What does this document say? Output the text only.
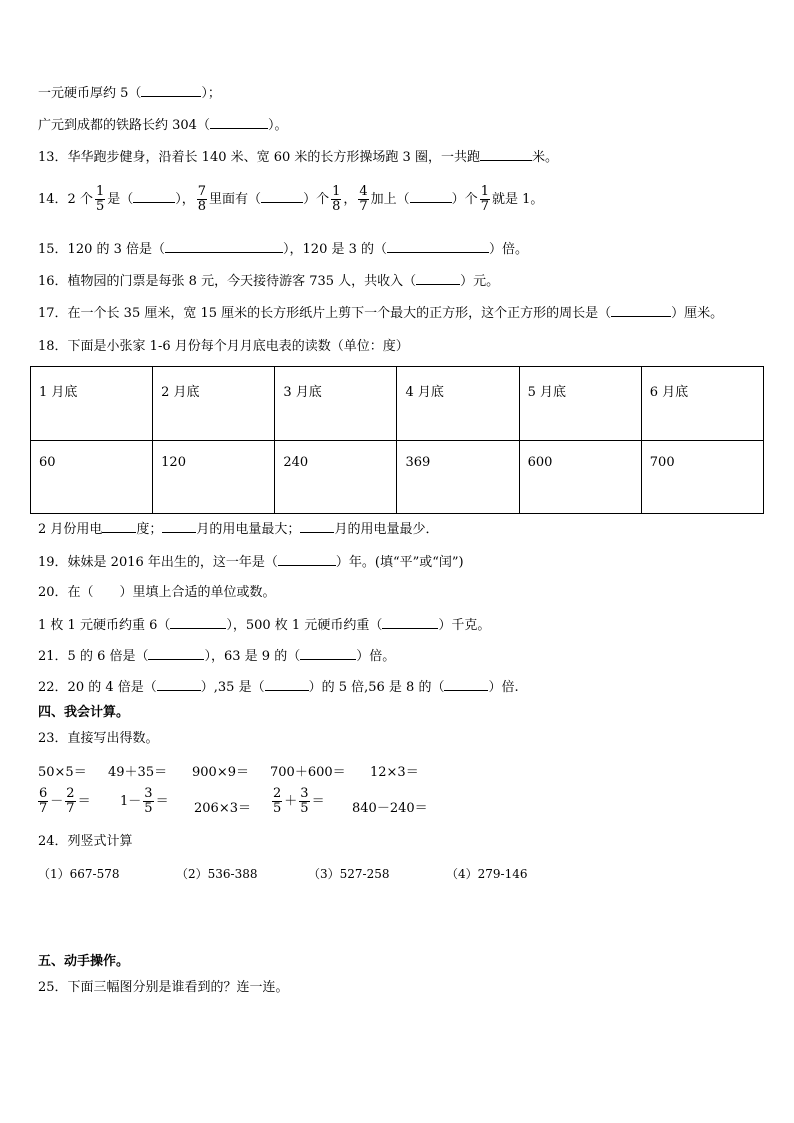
一元硬币厚约 5（	）；
广元到成都的铁路长约 304（	）。
13．华华跑步健身，沿着长 140 米、宽 60 米的长方形操场跑 3 圈，一共跑	米。
14．2 个 $\frac{1}{5}$ 是（	）， $\frac{7}{8}$ 里面有（	）个 $\frac{1}{8}$ ， $\frac{4}{7}$ 加上（	）个 $\frac{1}{7}$ 就是 1。
15．120 的 3 倍是（	），120 是 3 的（	）倍。
16．植物园的门票是每张 8 元，今天接待游客 735 人，共收入（	）元。
17．在一个长 35 厘米，宽 15 厘米的长方形纸片上剪下一个最大的正方形，这个正方形的周长是（	）厘米。
18．下面是小张家 1-6 月份每个月月底电表的读数（单位：度）
1 月底	2 月底	3 月底	4 月底	5 月底	6 月底
60	120	240	369	600	700
2 月份用电	度；	月的用电量最大；	月的用电量最少．
19．妹妹是 2016 年出生的，这一年是（	）年。(填“平”或“闰”)
20．在（　　）里填上合适的单位或数。
1 枚 1 元硬币约重 6（	），500 枚 1 元硬币约重（	）千克。
21．5 的 6 倍是（	），63 是 9 的（	）倍。
22．20 的 4 倍是（	）,35 是（	）的 5 倍,56 是 8 的（	）倍.
四、我会计算。
23．直接写出得数。
50×5＝ 49＋35＝ 900×9＝ 700＋600＝ 12×3＝
$\frac{6}{7} - \frac{2}{7} = 1- \frac{3}{5} = 206\times 3= \frac{2}{5} + \frac{3}{5} = 840-240=$
24．列竖式计算
（1）667-578	（2）536-388	（3）527-258	（4）279-146
五、动手操作。
25．下面三幅图分别是谁看到的？连一连。
